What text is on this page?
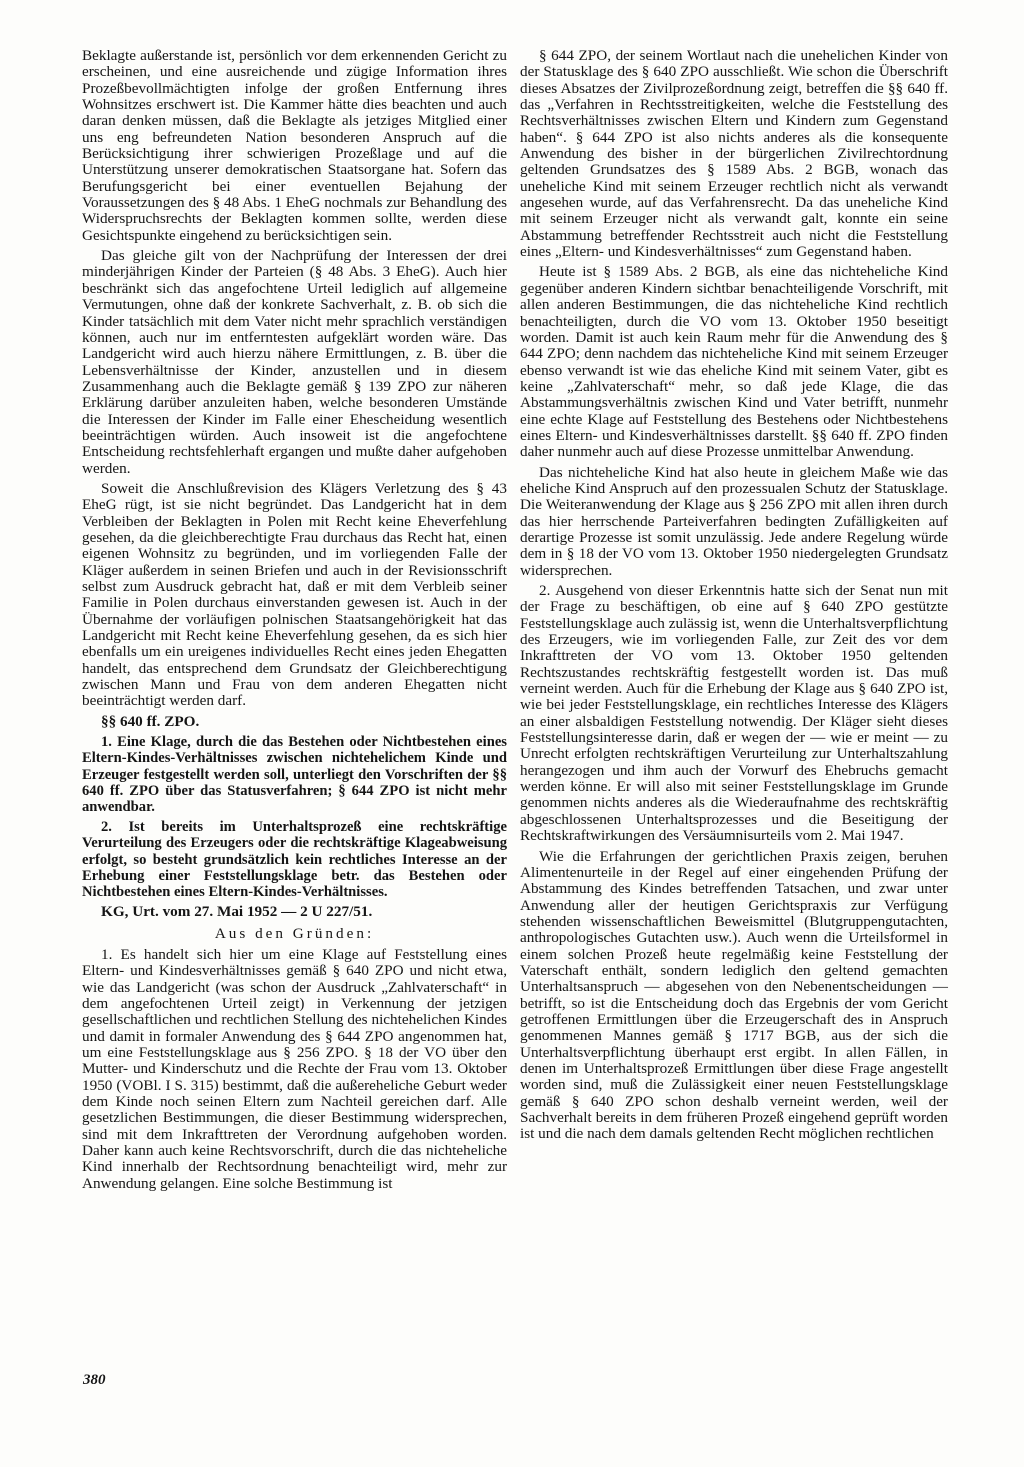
Beklagte außerstande ist, persönlich vor dem erkennenden Gericht zu erscheinen, und eine ausreichende und zügige Information ihres Prozeßbevollmächtigten infolge der großen Entfernung ihres Wohnsitzes erschwert ist. Die Kammer hätte dies beachten und auch daran denken müssen, daß die Beklagte als jetziges Mitglied einer uns eng befreundeten Nation besonderen Anspruch auf die Berücksichtigung ihrer schwierigen Prozeßlage und auf die Unterstützung unserer demokratischen Staatsorgane hat. Sofern das Berufungsgericht bei einer eventuellen Bejahung der Voraussetzungen des § 48 Abs. 1 EheG nochmals zur Behandlung des Widerspruchsrechts der Beklagten kommen sollte, werden diese Gesichtspunkte eingehend zu berücksichtigen sein.

Das gleiche gilt von der Nachprüfung der Interessen der drei minderjährigen Kinder der Parteien (§ 48 Abs. 3 EheG). Auch hier beschränkt sich das angefochtene Urteil lediglich auf allgemeine Vermutungen, ohne daß der konkrete Sachverhalt, z. B. ob sich die Kinder tatsächlich mit dem Vater nicht mehr sprachlich verständigen können, auch nur im entferntesten aufgeklärt worden wäre. Das Landgericht wird auch hierzu nähere Ermittlungen, z. B. über die Lebensverhältnisse der Kinder, anzustellen und in diesem Zusammenhang auch die Beklagte gemäß § 139 ZPO zur näheren Erklärung darüber anzuleiten haben, welche besonderen Umstände die Interessen der Kinder im Falle einer Ehescheidung wesentlich beeinträchtigen würden. Auch insoweit ist die angefochtene Entscheidung rechtsfehlerhaft ergangen und mußte daher aufgehoben werden.

Soweit die Anschlußrevision des Klägers Verletzung des § 43 EheG rügt, ist sie nicht begründet. Das Landgericht hat in dem Verbleiben der Beklagten in Polen mit Recht keine Eheverfehlung gesehen, da die gleichberechtigte Frau durchaus das Recht hat, einen eigenen Wohnsitz zu begründen, und im vorliegenden Falle der Kläger außerdem in seinen Briefen und auch in der Revisionsschrift selbst zum Ausdruck gebracht hat, daß er mit dem Verbleib seiner Familie in Polen durchaus einverstanden gewesen ist. Auch in der Übernahme der vorläufigen polnischen Staatsangehörigkeit hat das Landgericht mit Recht keine Eheverfehlung gesehen, da es sich hier ebenfalls um ein ureigenes individuelles Recht eines jeden Ehegatten handelt, das entsprechend dem Grundsatz der Gleichberechtigung zwischen Mann und Frau von dem anderen Ehegatten nicht beeinträchtigt werden darf.

§§ 640 ff. ZPO.

1. Eine Klage, durch die das Bestehen oder Nichtbestehen eines Eltern-Kindes-Verhältnisses zwischen nichtehelichem Kinde und Erzeuger festgestellt werden soll, unterliegt den Vorschriften der §§ 640 ff. ZPO über das Statusverfahren; § 644 ZPO ist nicht mehr anwendbar.

2. Ist bereits im Unterhaltsprozeß eine rechtskräftige Verurteilung des Erzeugers oder die rechtskräftige Klageabweisung erfolgt, so besteht grundsätzlich kein rechtliches Interesse an der Erhebung einer Feststellungsklage betr. das Bestehen oder Nichtbestehen eines Eltern-Kindes-Verhältnisses.

KG, Urt. vom 27. Mai 1952 — 2 U 227/51.

Aus den Gründen:

1. Es handelt sich hier um eine Klage auf Feststellung eines Eltern- und Kindesverhältnisses gemäß § 640 ZPO und nicht etwa, wie das Landgericht (was schon der Ausdruck „Zahlvaterschaft“ in dem angefochtenen Urteil zeigt) in Verkennung der jetzigen gesellschaftlichen und rechtlichen Stellung des nichtehelichen Kindes und damit in formaler Anwendung des § 644 ZPO angenommen hat, um eine Feststellungsklage aus § 256 ZPO. § 18 der VO über den Mutter- und Kinderschutz und die Rechte der Frau vom 13. Oktober 1950 (VOBl. I S. 315) bestimmt, daß die außereheliche Geburt weder dem Kinde noch seinen Eltern zum Nachteil gereichen darf. Alle gesetzlichen Bestimmungen, die dieser Bestimmung widersprechen, sind mit dem Inkrafttreten der Verordnung aufgehoben worden. Daher kann auch keine Rechtsvorschrift, durch die das nichteheliche Kind innerhalb der Rechtsordnung benachteiligt wird, mehr zur Anwendung gelangen. Eine solche Bestimmung ist

§ 644 ZPO, der seinem Wortlaut nach die unehelichen Kinder von der Statusklage des § 640 ZPO ausschließt. Wie schon die Überschrift dieses Absatzes der Zivilprozeßordnung zeigt, betreffen die §§ 640 ff. das „Verfahren in Rechtsstreitigkeiten, welche die Feststellung des Rechtsverhältnisses zwischen Eltern und Kindern zum Gegenstand haben“. § 644 ZPO ist also nichts anderes als die konsequente Anwendung des bisher in der bürgerlichen Zivilrechtordnung geltenden Grundsatzes des § 1589 Abs. 2 BGB, wonach das uneheliche Kind mit seinem Erzeuger rechtlich nicht als verwandt angesehen wurde, auf das Verfahrensrecht. Da das uneheliche Kind mit seinem Erzeuger nicht als verwandt galt, konnte ein seine Abstammung betreffender Rechtsstreit auch nicht die Feststellung eines „Eltern- und Kindesverhältnisses“ zum Gegenstand haben.

Heute ist § 1589 Abs. 2 BGB, als eine das nichteheliche Kind gegenüber anderen Kindern sichtbar benachteiligende Vorschrift, mit allen anderen Bestimmungen, die das nichteheliche Kind rechtlich benachteiligten, durch die VO vom 13. Oktober 1950 beseitigt worden. Damit ist auch kein Raum mehr für die Anwendung des § 644 ZPO; denn nachdem das nichteheliche Kind mit seinem Erzeuger ebenso verwandt ist wie das eheliche Kind mit seinem Vater, gibt es keine „Zahlvaterschaft“ mehr, so daß jede Klage, die das Abstammungsverhältnis zwischen Kind und Vater betrifft, nunmehr eine echte Klage auf Feststellung des Bestehens oder Nichtbestehens eines Eltern- und Kindesverhältnisses darstellt. §§ 640 ff. ZPO finden daher nunmehr auch auf diese Prozesse unmittelbar Anwendung.

Das nichteheliche Kind hat also heute in gleichem Maße wie das eheliche Kind Anspruch auf den prozessualen Schutz der Statusklage. Die Weiteranwendung der Klage aus § 256 ZPO mit allen ihren durch das hier herrschende Parteiverfahren bedingten Zufälligkeiten auf derartige Prozesse ist somit unzulässig. Jede andere Regelung würde dem in § 18 der VO vom 13. Oktober 1950 niedergelegten Grundsatz widersprechen.

2. Ausgehend von dieser Erkenntnis hatte sich der Senat nun mit der Frage zu beschäftigen, ob eine auf § 640 ZPO gestützte Feststellungsklage auch zulässig ist, wenn die Unterhaltsverpflichtung des Erzeugers, wie im vorliegenden Falle, zur Zeit des vor dem Inkrafttreten der VO vom 13. Oktober 1950 geltenden Rechtszustandes rechtskräftig festgestellt worden ist. Das muß verneint werden. Auch für die Erhebung der Klage aus § 640 ZPO ist, wie bei jeder Feststellungsklage, ein rechtliches Interesse des Klägers an einer alsbaldigen Feststellung notwendig. Der Kläger sieht dieses Feststellungsinteresse darin, daß er wegen der — wie er meint — zu Unrecht erfolgten rechtskräftigen Verurteilung zur Unterhaltszahlung herangezogen und ihm auch der Vorwurf des Ehebruchs gemacht werden könne. Er will also mit seiner Feststellungsklage im Grunde genommen nichts anderes als die Wiederaufnahme des rechtskräftig abgeschlossenen Unterhaltsprozesses und die Beseitigung der Rechtskraftwirkungen des Versäumnisurteils vom 2. Mai 1947.

Wie die Erfahrungen der gerichtlichen Praxis zeigen, beruhen Alimentenurteile in der Regel auf einer eingehenden Prüfung der Abstammung des Kindes betreffenden Tatsachen, und zwar unter Anwendung aller der heutigen Gerichtspraxis zur Verfügung stehenden wissenschaftlichen Beweismittel (Blutgruppengutachten, anthropologisches Gutachten usw.). Auch wenn die Urteilsformel in einem solchen Prozeß heute regelmäßig keine Feststellung der Vaterschaft enthält, sondern lediglich den geltend gemachten Unterhaltsanspruch — abgesehen von den Nebenentscheidungen — betrifft, so ist die Entscheidung doch das Ergebnis der vom Gericht getroffenen Ermittlungen über die Erzeugerschaft des in Anspruch genommenen Mannes gemäß § 1717 BGB, aus der sich die Unterhaltsverpflichtung überhaupt erst ergibt. In allen Fällen, in denen im Unterhaltsprozeß Ermittlungen über diese Frage angestellt worden sind, muß die Zulässigkeit einer neuen Feststellungsklage gemäß § 640 ZPO schon deshalb verneint werden, weil der Sachverhalt bereits in dem früheren Prozeß eingehend geprüft worden ist und die nach dem damals geltenden Recht möglichen rechtlichen

380
